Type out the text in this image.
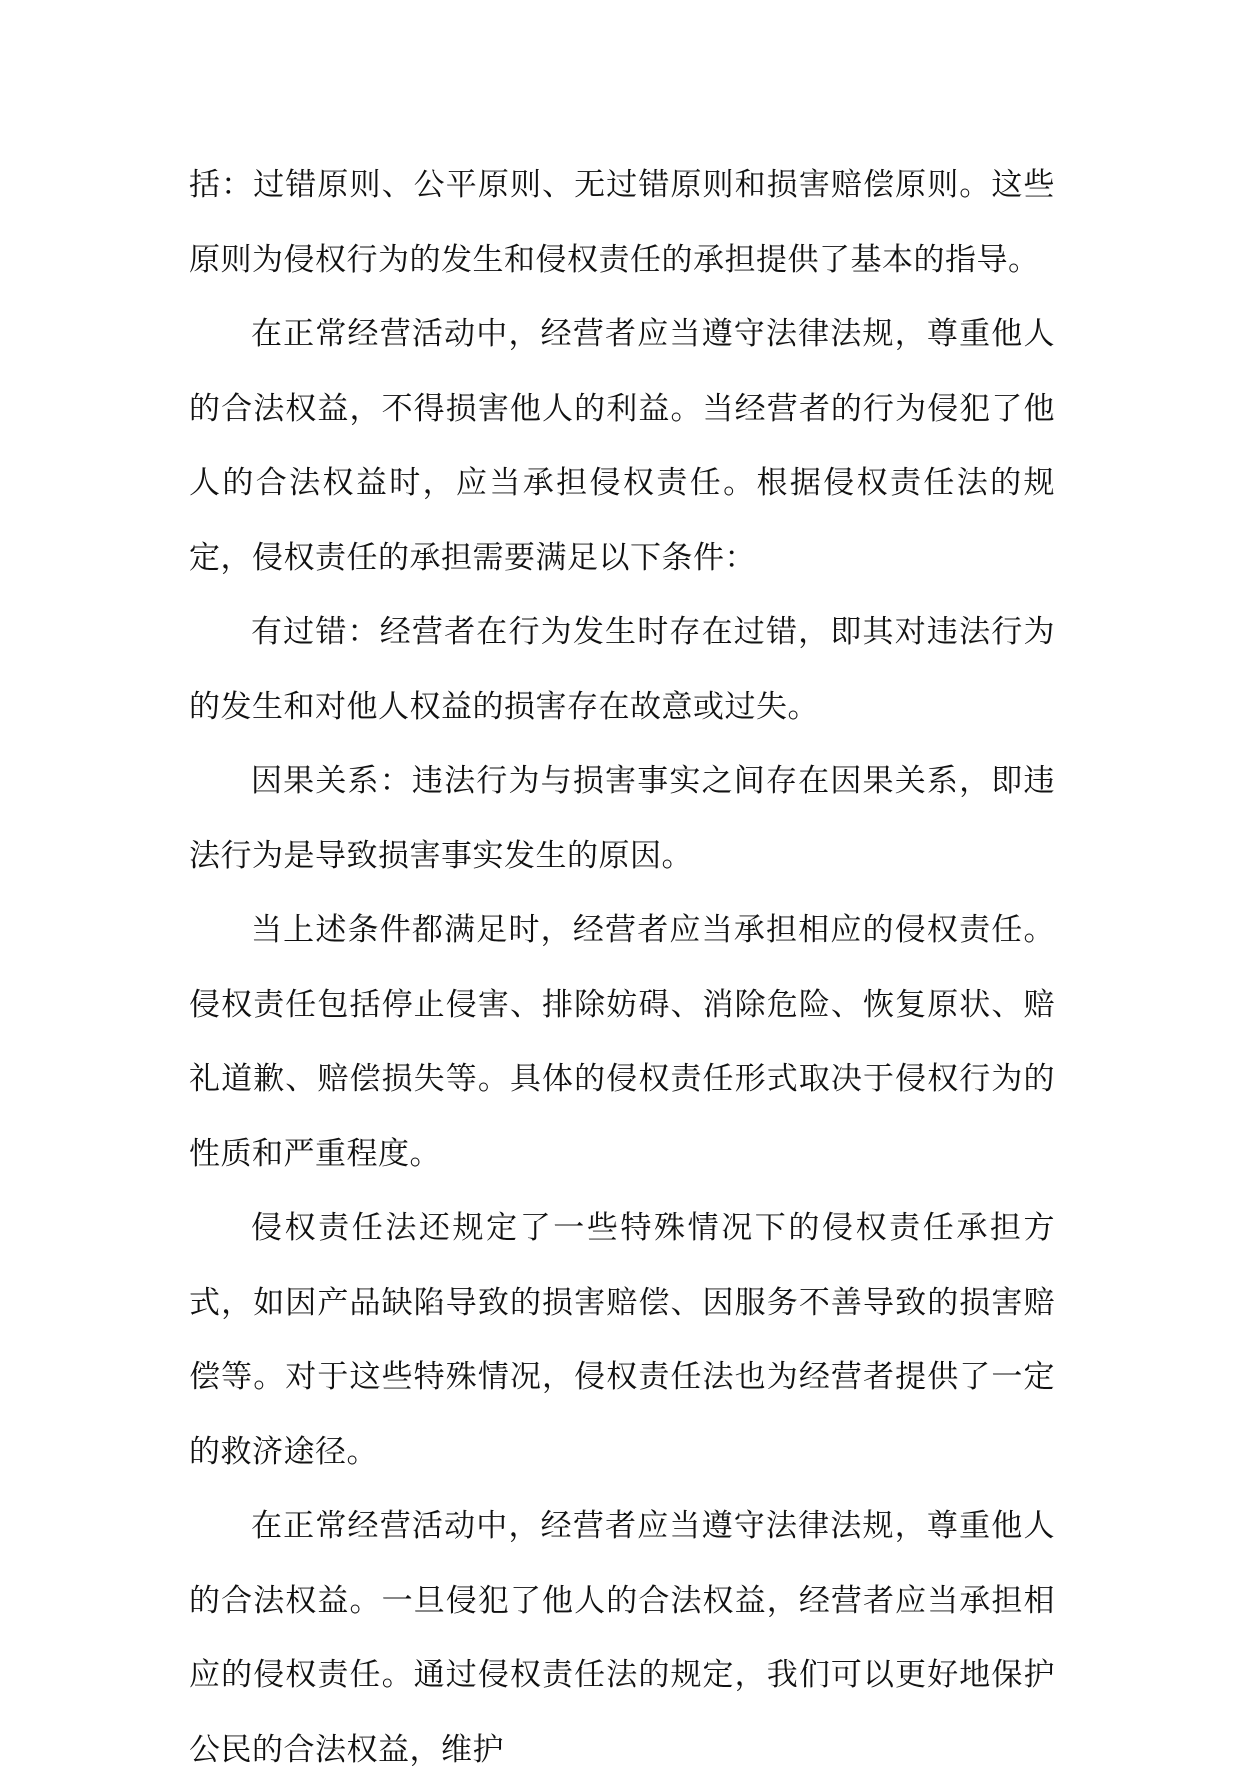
括：过错原则、公平原则、无过错原则和损害赔偿原则。这些原则为侵权行为的发生和侵权责任的承担提供了基本的指导。

在正常经营活动中，经营者应当遵守法律法规，尊重他人的合法权益，不得损害他人的利益。当经营者的行为侵犯了他人的合法权益时，应当承担侵权责任。根据侵权责任法的规定，侵权责任的承担需要满足以下条件：

有过错：经营者在行为发生时存在过错，即其对违法行为的发生和对他人权益的损害存在故意或过失。

因果关系：违法行为与损害事实之间存在因果关系，即违法行为是导致损害事实发生的原因。

当上述条件都满足时，经营者应当承担相应的侵权责任。侵权责任包括停止侵害、排除妨碍、消除危险、恢复原状、赔礼道歉、赔偿损失等。具体的侵权责任形式取决于侵权行为的性质和严重程度。

侵权责任法还规定了一些特殊情况下的侵权责任承担方式，如因产品缺陷导致的损害赔偿、因服务不善导致的损害赔偿等。对于这些特殊情况，侵权责任法也为经营者提供了一定的救济途径。

在正常经营活动中，经营者应当遵守法律法规，尊重他人的合法权益。一旦侵犯了他人的合法权益，经营者应当承担相应的侵权责任。通过侵权责任法的规定，我们可以更好地保护公民的合法权益，维护
